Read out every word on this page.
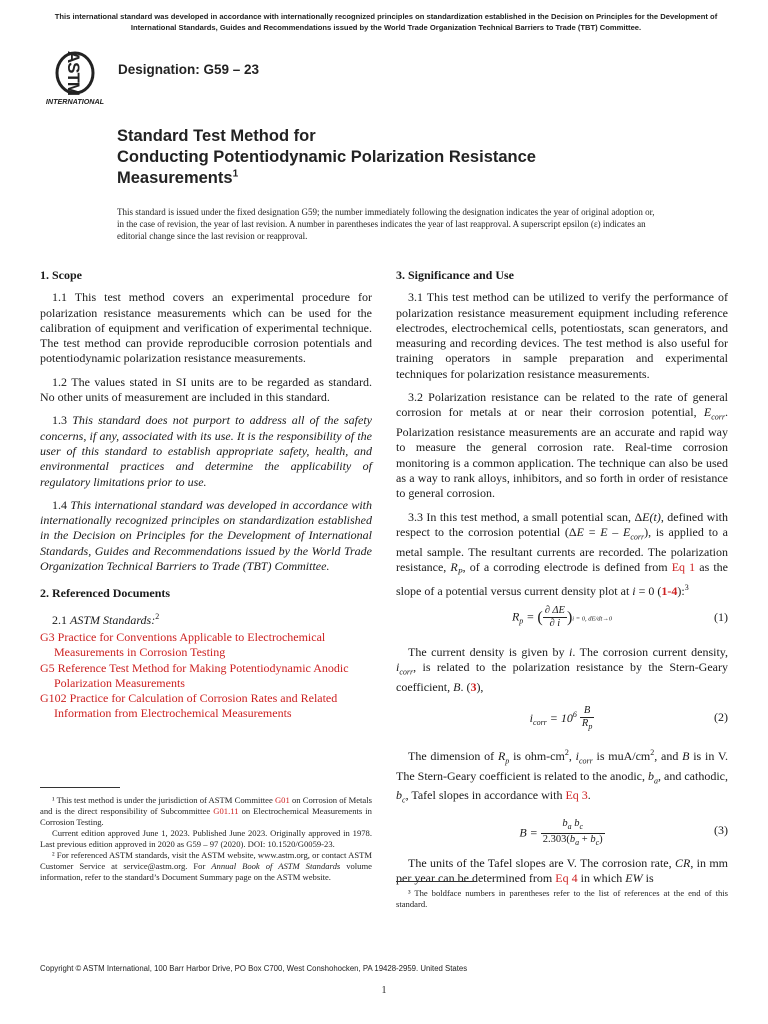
This international standard was developed in accordance with internationally recognized principles on standardization established in the Decision on Principles for the Development of International Standards, Guides and Recommendations issued by the World Trade Organization Technical Barriers to Trade (TBT) Committee.
ASTM
INTERNATIONAL
Designation: G59 – 23
Standard Test Method for
Conducting Potentiodynamic Polarization Resistance
Measurements$^1$
This standard is issued under the fixed designation G59; the number immediately following the designation indicates the year of original adoption or, in the case of revision, the year of last revision. A number in parentheses indicates the year of last reapproval. A superscript epsilon (ε) indicates an editorial change since the last revision or reapproval.
1. Scope
1.1 This test method covers an experimental procedure for polarization resistance measurements which can be used for the calibration of equipment and verification of experimental technique. The test method can provide reproducible corrosion potentials and potentiodynamic polarization resistance measurements.
1.2 The values stated in SI units are to be regarded as standard. No other units of measurement are included in this standard.
1.3 This standard does not purport to address all of the safety concerns, if any, associated with its use. It is the responsibility of the user of this standard to establish appropriate safety, health, and environmental practices and determine the applicability of regulatory limitations prior to use.
1.4 This international standard was developed in accordance with internationally recognized principles on standardization established in the Decision on Principles for the Development of International Standards, Guides and Recommendations issued by the World Trade Organization Technical Barriers to Trade (TBT) Committee.
2. Referenced Documents
2.1 ASTM Standards:$^2$
G3 Practice for Conventions Applicable to Electrochemical Measurements in Corrosion Testing
G5 Reference Test Method for Making Potentiodynamic Anodic Polarization Measurements
G102 Practice for Calculation of Corrosion Rates and Related Information from Electrochemical Measurements

¹ This test method is under the jurisdiction of ASTM Committee G01 on Corrosion of Metals and is the direct responsibility of Subcommittee G01.11 on Electrochemical Measurements in Corrosion Testing.

Current edition approved June 1, 2023. Published June 2023. Originally approved in 1978. Last previous edition approved in 2020 as G59 – 97 (2020). DOI: 10.1520/G0059-23.

² For referenced ASTM standards, visit the ASTM website, www.astm.org, or contact ASTM Customer Service at service@astm.org. For Annual Book of ASTM Standards volume information, refer to the standard’s Document Summary page on the ASTM website.

3. Significance and Use
3.1 This test method can be utilized to verify the performance of polarization resistance measurement equipment including reference electrodes, electrochemical cells, potentiostats, scan generators, and measuring and recording devices. The test method is also useful for training operators in sample preparation and experimental techniques for polarization resistance measurements.
3.2 Polarization resistance can be related to the rate of general corrosion for metals at or near their corrosion potential, $E_{corr}$. Polarization resistance measurements are an accurate and rapid way to measure the general corrosion rate. Real-time corrosion monitoring is a common application. The technique can also be used as a way to rank alloys, inhibitors, and so forth in order of resistance to general corrosion.
3.3 In this test method, a small potential scan, ΔE(t), defined with respect to the corrosion potential $(\Delta E = E - E_{corr})$, is applied to a metal sample. The resultant currents are recorded. The polarization resistance, $R_P$, of a corroding electrode is defined from Eq 1 as the slope of a potential versus current density plot at i = 0 (1-4):$^3$
$R_p$ = ( $\frac{\partial \Delta E}{\partial i} )i = 0$, dE/dt→0	(1)
The current density is given by i. The corrosion current density, $i_{corr}$, is related to the polarization resistance by the Stern-Geary coefficient, B. (3),
$i_{corr} = 10^6 \frac{B}{R_p}$	(2)
The dimension of $R_p$ is ohm-$cm^2$, $i_{corr}$ is muA/$cm^2$, and B is in V. The Stern-Geary coefficient is related to the anodic, $b_a$, and cathodic, $b_c$, Tafel slopes in accordance with Eq 3.
$B = \frac{b_a b_c}{2.303(b_a + b_c)}$	(3)
The units of the Tafel slopes are V. The corrosion rate, CR, in mm per year can be determined from Eq 4 in which EW is

³ The boldface numbers in parentheses refer to the list of references at the end of this standard.

Copyright © ASTM International, 100 Barr Harbor Drive, PO Box C700, West Conshohocken, PA 19428-2959. United States
1
